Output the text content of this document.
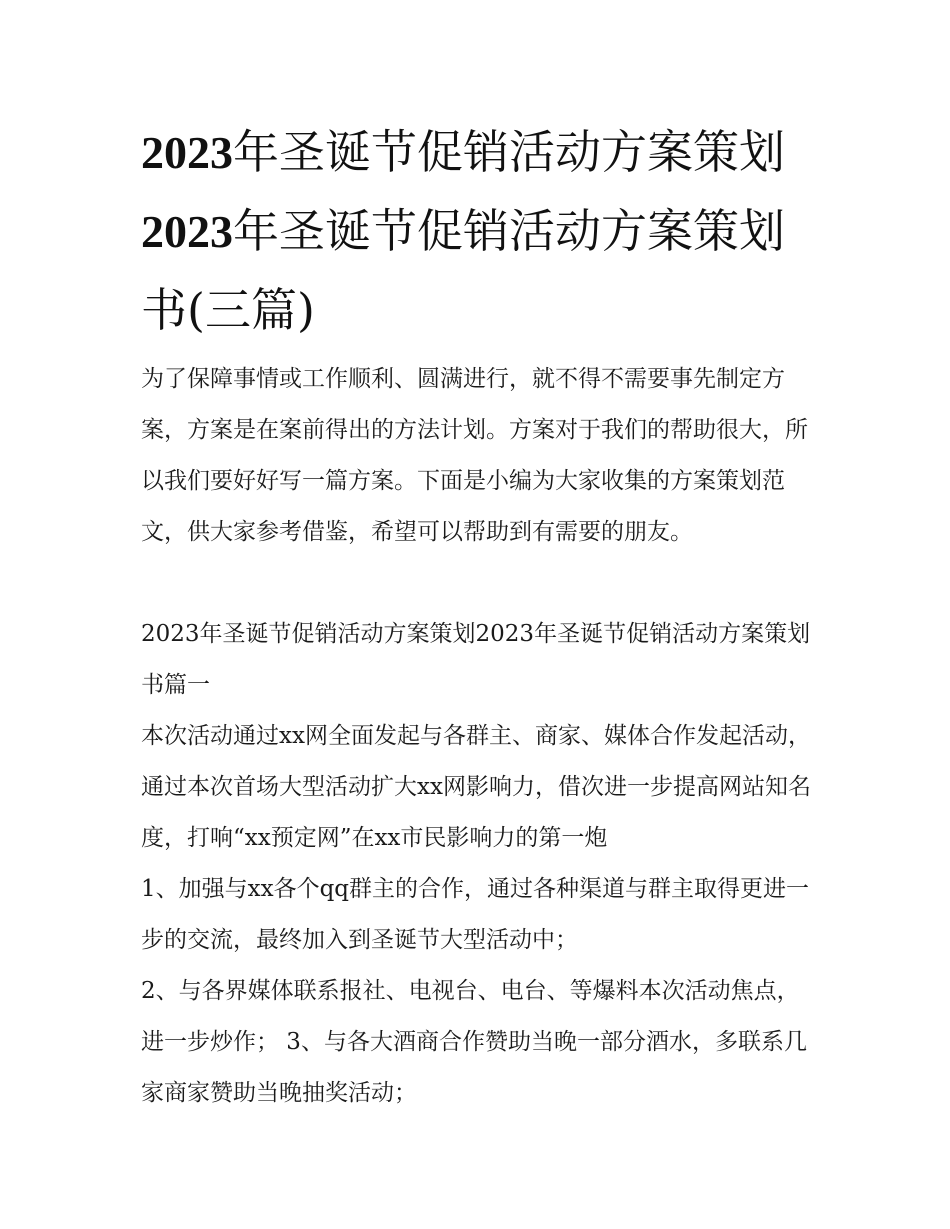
2023年圣诞节促销活动方案策划2023年圣诞节促销活动方案策划书(三篇)

为了保障事情或工作顺利、圆满进行，就不得不需要事先制定方案，方案是在案前得出的方法计划。方案对于我们的帮助很大，所以我们要好好写一篇方案。下面是小编为大家收集的方案策划范文，供大家参考借鉴，希望可以帮助到有需要的朋友。

2023年圣诞节促销活动方案策划2023年圣诞节促销活动方案策划书篇一

本次活动通过xx网全面发起与各群主、商家、媒体合作发起活动，通过本次首场大型活动扩大xx网影响力，借次进一步提高网站知名度，打响“xx预定网”在xx市民影响力的第一炮

1、加强与xx各个qq群主的合作，通过各种渠道与群主取得更进一步的交流，最终加入到圣诞节大型活动中；

2、与各界媒体联系报社、电视台、电台、等爆料本次活动焦点，进一步炒作； 3、与各大酒商合作赞助当晚一部分酒水，多联系几家商家赞助当晚抽奖活动；
